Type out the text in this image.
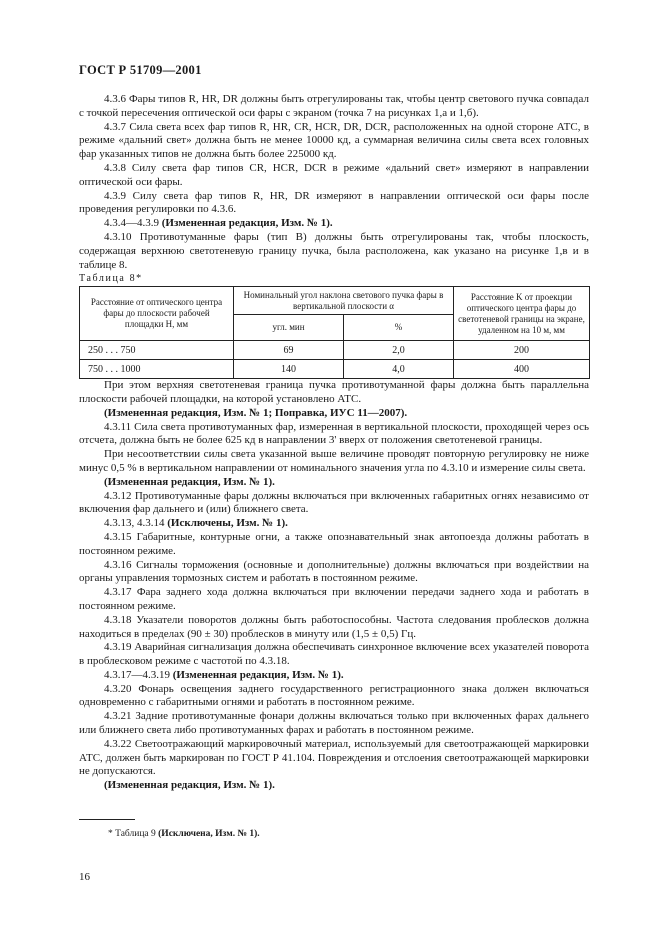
ГОСТ Р 51709—2001

4.3.6 Фары типов R, HR, DR должны быть отрегулированы так, чтобы центр светового пучка совпадал с точкой пересечения оптической оси фары с экраном (точка 7 на рисунках 1,а и 1,б).

4.3.7 Сила света всех фар типов R, HR, CR, HCR, DR, DCR, расположенных на одной стороне АТС, в режиме «дальний свет» должна быть не менее 10000 кд, а суммарная величина силы света всех головных фар указанных типов не должна быть более 225000 кд.

4.3.8 Силу света фар типов CR, HCR, DCR в режиме «дальний свет» измеряют в направлении оптической оси фары.

4.3.9 Силу света фар типов R, HR, DR измеряют в направлении оптической оси фары после проведения регулировки по 4.3.6.

4.3.4—4.3.9 (Измененная редакция, Изм. № 1).

4.3.10 Противотуманные фары (тип В) должны быть отрегулированы так, чтобы плоскость, содержащая верхнюю светотеневую границу пучка, была расположена, как указано на рисунке 1,в и в таблице 8.

Таблица 8*

Расстояние от оптического центра фары до плоскости рабочей площадки H, мм	Номинальный угол наклона светового пучка фары в вертикальной плоскости α		Расстояние K от проекции оптического центра фары до светотеневой границы на экране, удаленном на 10 м, мм
	угл. мин	%	
250 . . . 750	69	2,0	200
750 . . . 1000	140	4,0	400

При этом верхняя светотеневая граница пучка противотуманной фары должна быть параллельна плоскости рабочей площадки, на которой установлено АТС.

(Измененная редакция, Изм. № 1; Поправка, ИУС 11—2007).

4.3.11 Сила света противотуманных фар, измеренная в вертикальной плоскости, проходящей через ось отсчета, должна быть не более 625 кд в направлении 3' вверх от положения светотеневой границы.

При несоответствии силы света указанной выше величине проводят повторную регулировку не ниже минус 0,5 % в вертикальном направлении от номинального значения угла по 4.3.10 и измерение силы света.

(Измененная редакция, Изм. № 1).

4.3.12 Противотуманные фары должны включаться при включенных габаритных огнях независимо от включения фар дальнего и (или) ближнего света.

4.3.13, 4.3.14 (Исключены, Изм. № 1).

4.3.15 Габаритные, контурные огни, а также опознавательный знак автопоезда должны работать в постоянном режиме.

4.3.16 Сигналы торможения (основные и дополнительные) должны включаться при воздействии на органы управления тормозных систем и работать в постоянном режиме.

4.3.17 Фара заднего хода должна включаться при включении передачи заднего хода и работать в постоянном режиме.

4.3.18 Указатели поворотов должны быть работоспособны. Частота следования проблесков должна находиться в пределах (90 ± 30) проблесков в минуту или (1,5 ± 0,5) Гц.

4.3.19 Аварийная сигнализация должна обеспечивать синхронное включение всех указателей поворота в проблесковом режиме с частотой по 4.3.18.

4.3.17—4.3.19 (Измененная редакция, Изм. № 1).

4.3.20 Фонарь освещения заднего государственного регистрационного знака должен включаться одновременно с габаритными огнями и работать в постоянном режиме.

4.3.21 Задние противотуманные фонари должны включаться только при включенных фарах дальнего или ближнего света либо противотуманных фарах и работать в постоянном режиме.

4.3.22 Светоотражающий маркировочный материал, используемый для светоотражающей маркировки АТС, должен быть маркирован по ГОСТ Р 41.104. Повреждения и отслоения светоотражающей маркировки не допускаются.

(Измененная редакция, Изм. № 1).

* Таблица 9 (Исключена, Изм. № 1).
16
